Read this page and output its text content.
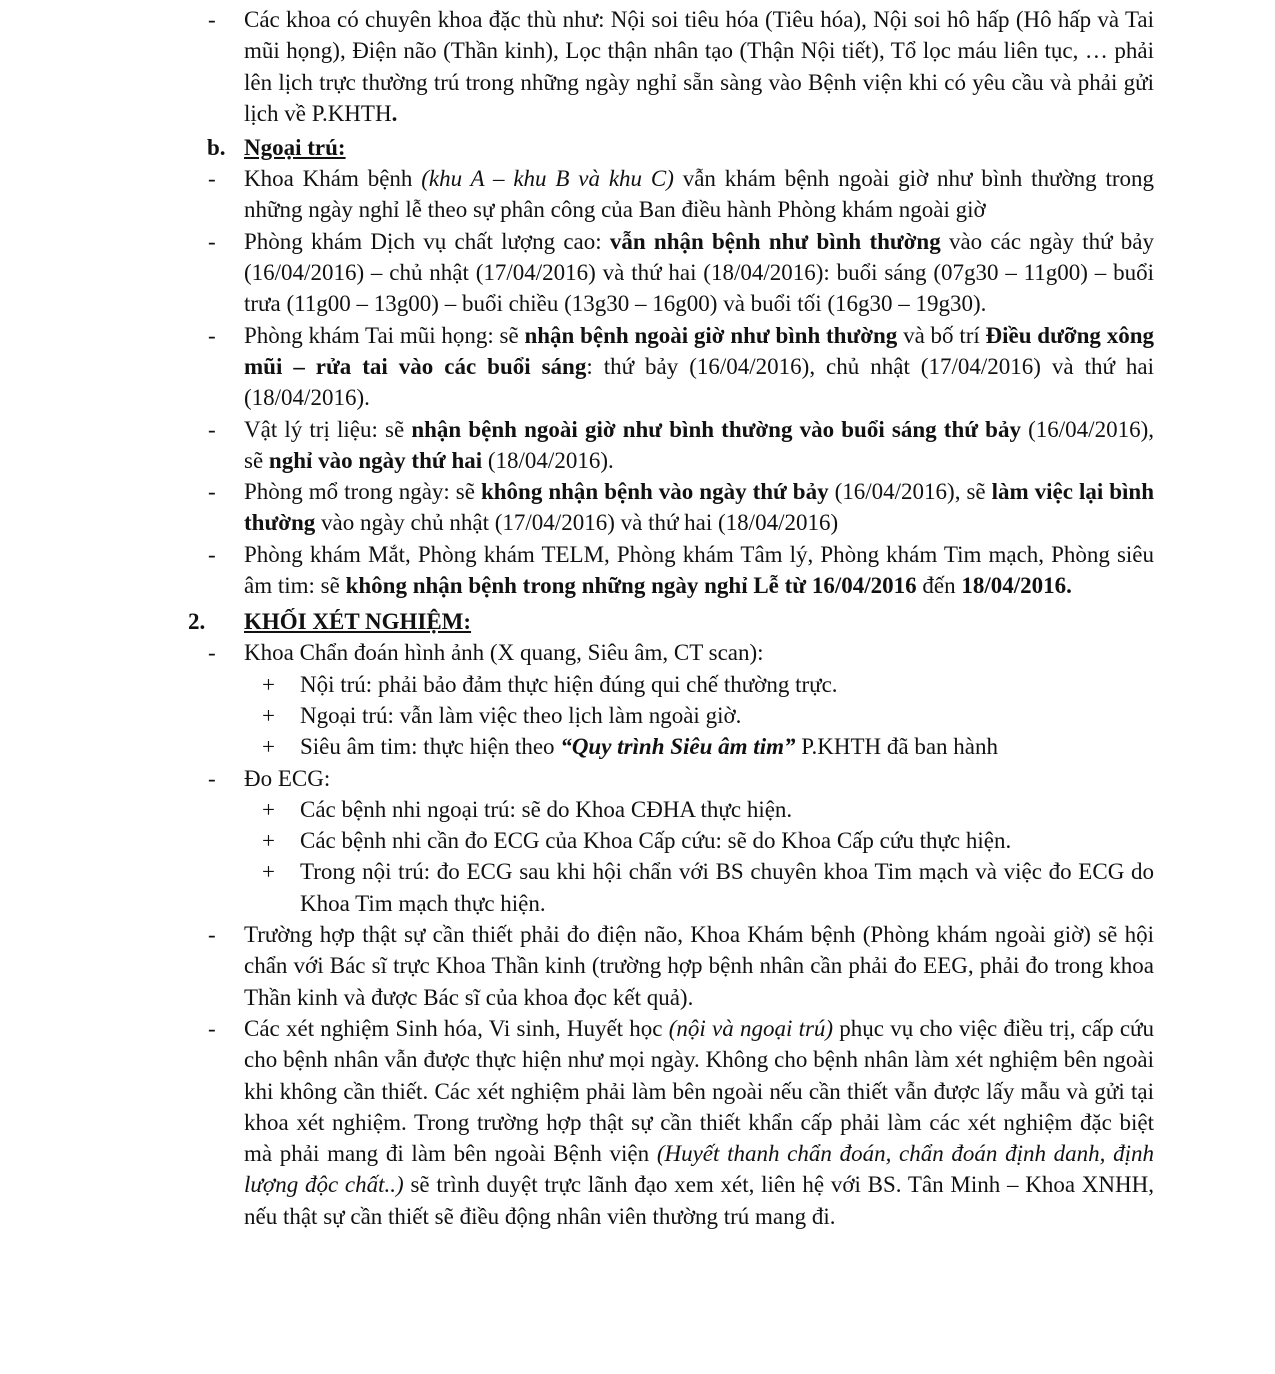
- Các khoa có chuyên khoa đặc thù như: Nội soi tiêu hóa (Tiêu hóa), Nội soi hô hấp (Hô hấp và Tai mũi họng), Điện não (Thần kinh), Lọc thận nhân tạo (Thận Nội tiết), Tổ lọc máu liên tục, … phải lên lịch trực thường trú trong những ngày nghỉ sẵn sàng vào Bệnh viện khi có yêu cầu và phải gửi lịch về P.KHTH.
b. Ngoại trú:
- Khoa Khám bệnh (khu A – khu B và khu C) vẫn khám bệnh ngoài giờ như bình thường trong những ngày nghỉ lễ theo sự phân công của Ban điều hành Phòng khám ngoài giờ
- Phòng khám Dịch vụ chất lượng cao: vẫn nhận bệnh như bình thường vào các ngày thứ bảy (16/04/2016) – chủ nhật (17/04/2016) và thứ hai (18/04/2016): buổi sáng (07g30 – 11g00) – buổi trưa (11g00 – 13g00) – buổi chiều (13g30 – 16g00) và buổi tối (16g30 – 19g30).
- Phòng khám Tai mũi họng: sẽ nhận bệnh ngoài giờ như bình thường và bố trí Điều dưỡng xông mũi – rửa tai vào các buổi sáng: thứ bảy (16/04/2016), chủ nhật (17/04/2016) và thứ hai (18/04/2016).
- Vật lý trị liệu: sẽ nhận bệnh ngoài giờ như bình thường vào buổi sáng thứ bảy (16/04/2016), sẽ nghỉ vào ngày thứ hai (18/04/2016).
- Phòng mổ trong ngày: sẽ không nhận bệnh vào ngày thứ bảy (16/04/2016), sẽ làm việc lại bình thường vào ngày chủ nhật (17/04/2016) và thứ hai (18/04/2016)
- Phòng khám Mắt, Phòng khám TELM, Phòng khám Tâm lý, Phòng khám Tim mạch, Phòng siêu âm tim: sẽ không nhận bệnh trong những ngày nghỉ Lễ từ 16/04/2016 đến 18/04/2016.
2. KHỐI XÉT NGHIỆM:
- Khoa Chẩn đoán hình ảnh (X quang, Siêu âm, CT scan):
+ Nội trú: phải bảo đảm thực hiện đúng qui chế thường trực.
+ Ngoại trú: vẫn làm việc theo lịch làm ngoài giờ.
+ Siêu âm tim: thực hiện theo “Quy trình Siêu âm tim” P.KHTH đã ban hành
- Đo ECG:
+ Các bệnh nhi ngoại trú: sẽ do Khoa CĐHA thực hiện.
+ Các bệnh nhi cần đo ECG của Khoa Cấp cứu: sẽ do Khoa Cấp cứu thực hiện.
+ Trong nội trú: đo ECG sau khi hội chẩn với BS chuyên khoa Tim mạch và việc đo ECG do Khoa Tim mạch thực hiện.
- Trường hợp thật sự cần thiết phải đo điện não, Khoa Khám bệnh (Phòng khám ngoài giờ) sẽ hội chẩn với Bác sĩ trực Khoa Thần kinh (trường hợp bệnh nhân cần phải đo EEG, phải đo trong khoa Thần kinh và được Bác sĩ của khoa đọc kết quả).
- Các xét nghiệm Sinh hóa, Vi sinh, Huyết học (nội và ngoại trú) phục vụ cho việc điều trị, cấp cứu cho bệnh nhân vẫn được thực hiện như mọi ngày. Không cho bệnh nhân làm xét nghiệm bên ngoài khi không cần thiết. Các xét nghiệm phải làm bên ngoài nếu cần thiết vẫn được lấy mẫu và gửi tại khoa xét nghiệm. Trong trường hợp thật sự cần thiết khẩn cấp phải làm các xét nghiệm đặc biệt mà phải mang đi làm bên ngoài Bệnh viện (Huyết thanh chẩn đoán, chẩn đoán định danh, định lượng độc chất..) sẽ trình duyệt trực lãnh đạo xem xét, liên hệ với BS. Tân Minh – Khoa XNHH, nếu thật sự cần thiết sẽ điều động nhân viên thường trú mang đi.
